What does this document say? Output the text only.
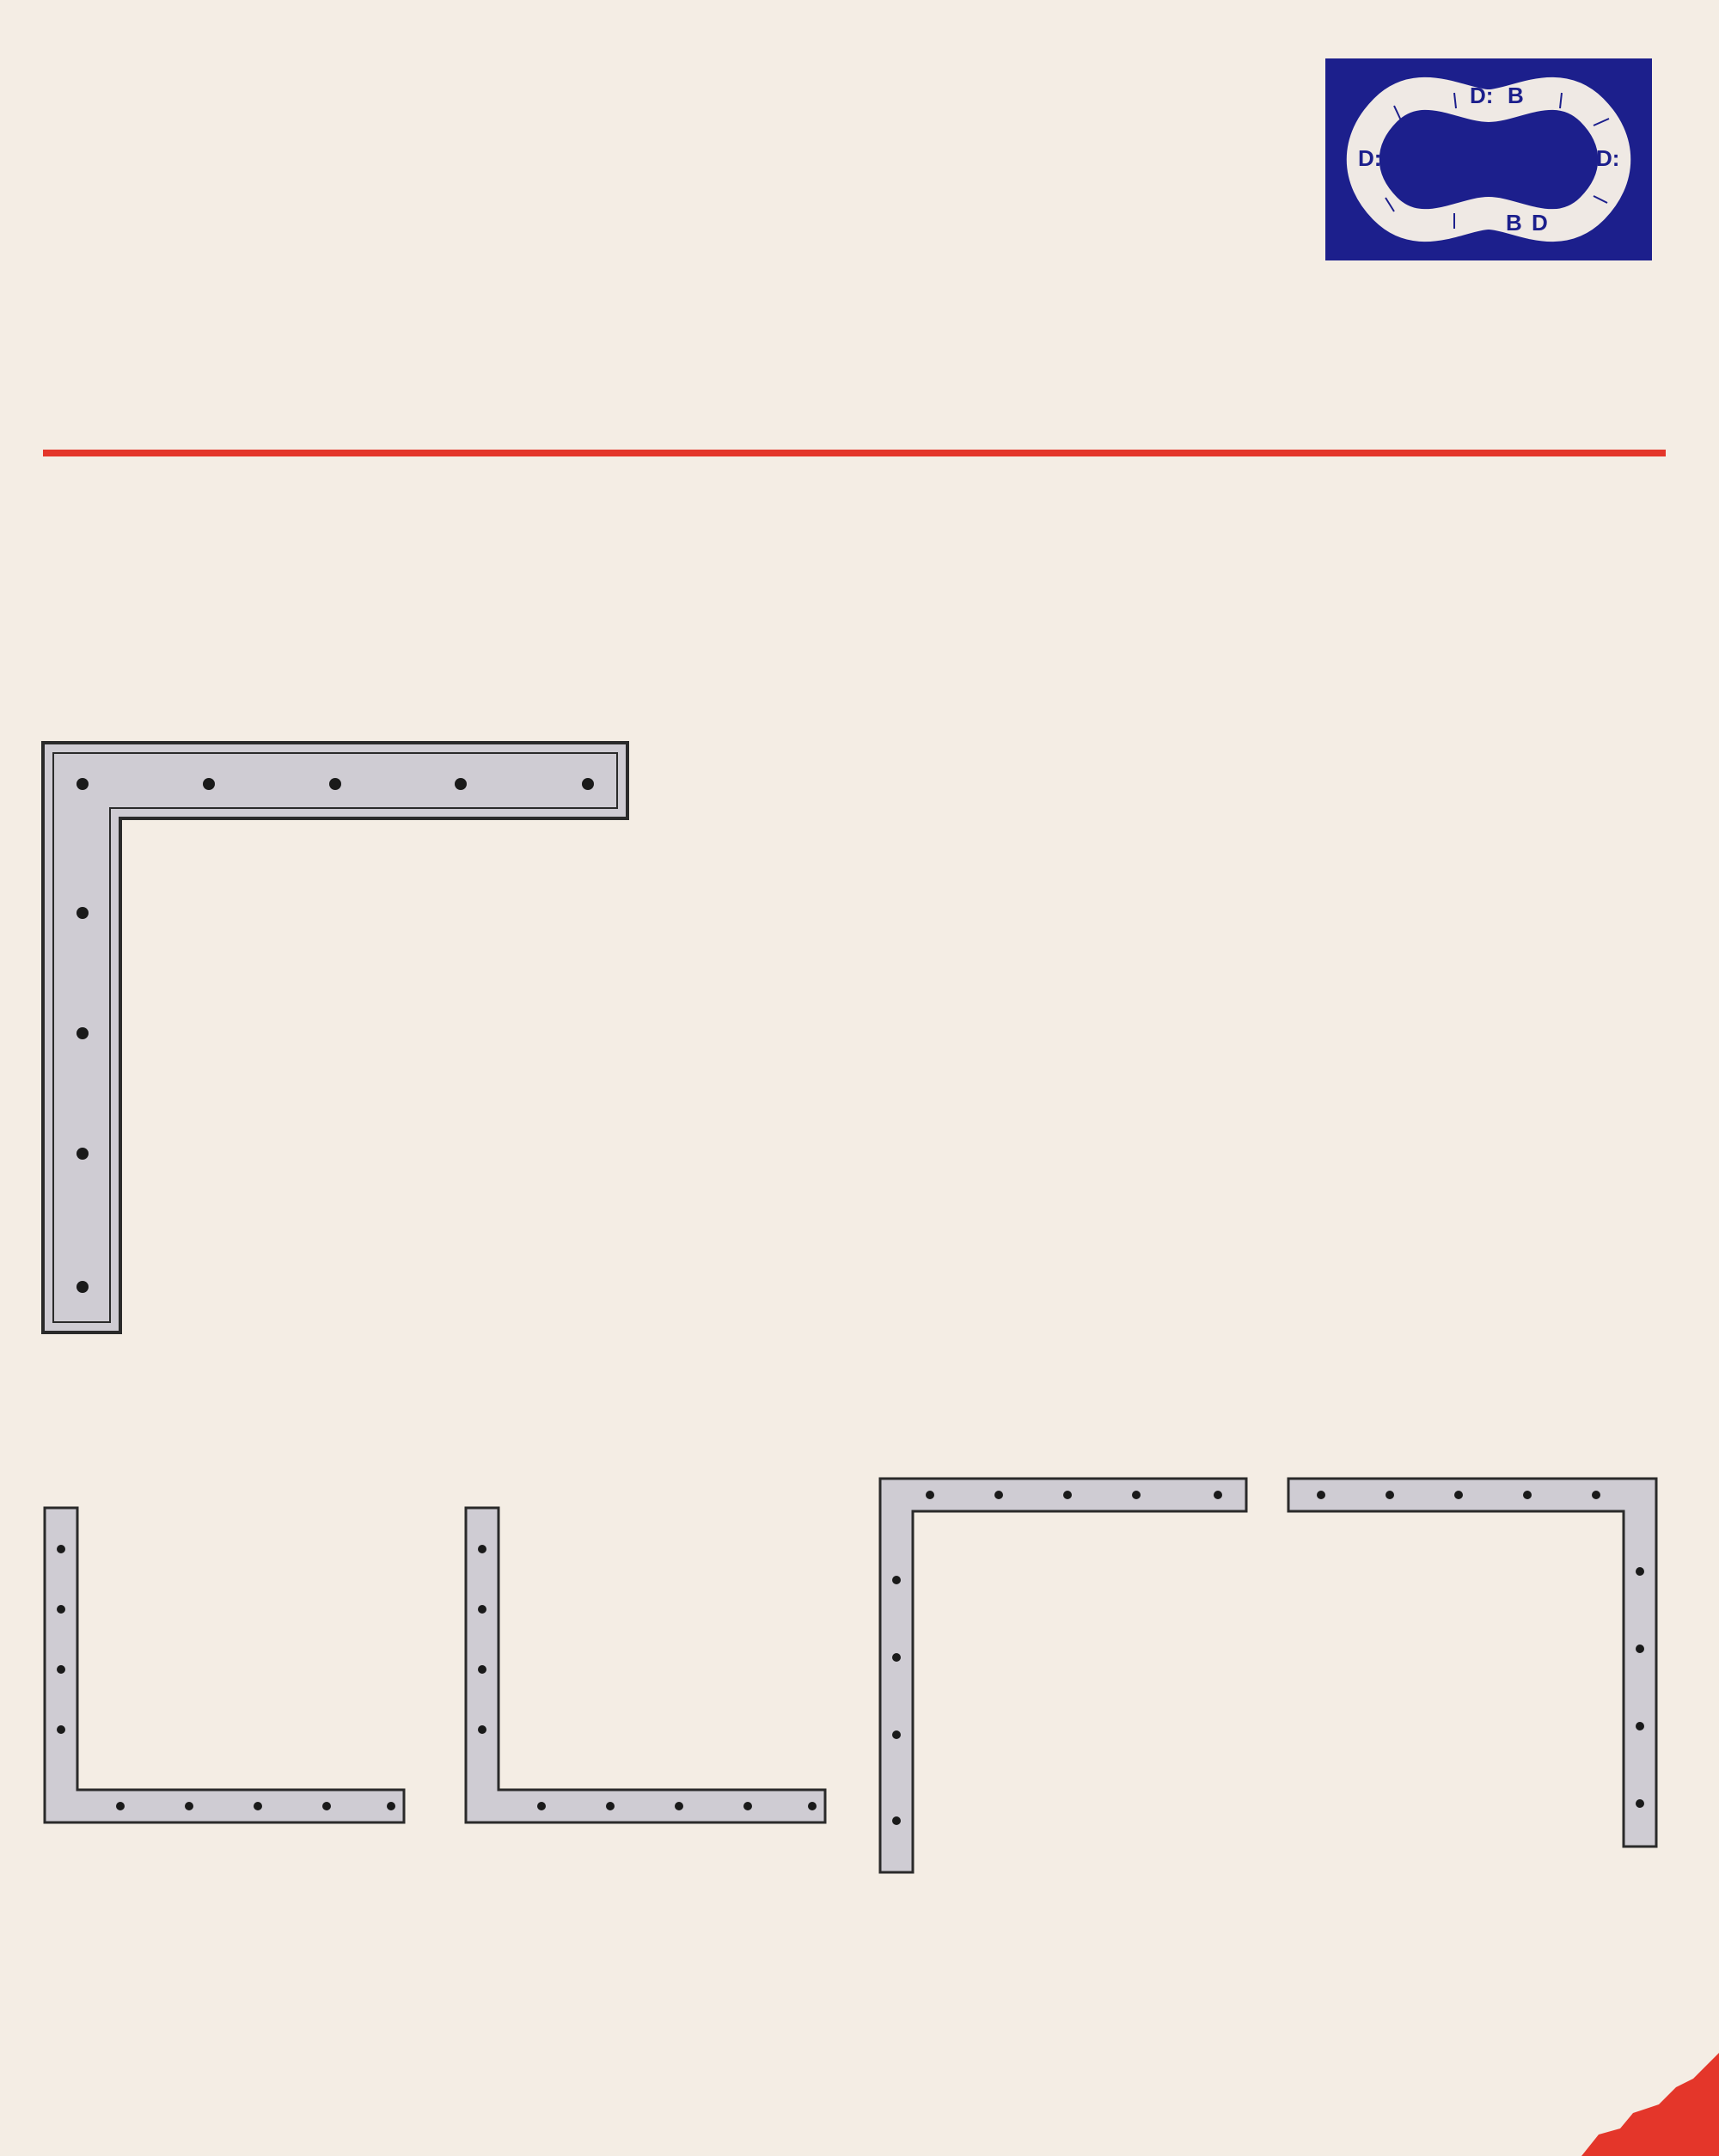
D: B
D:
B D
D:
